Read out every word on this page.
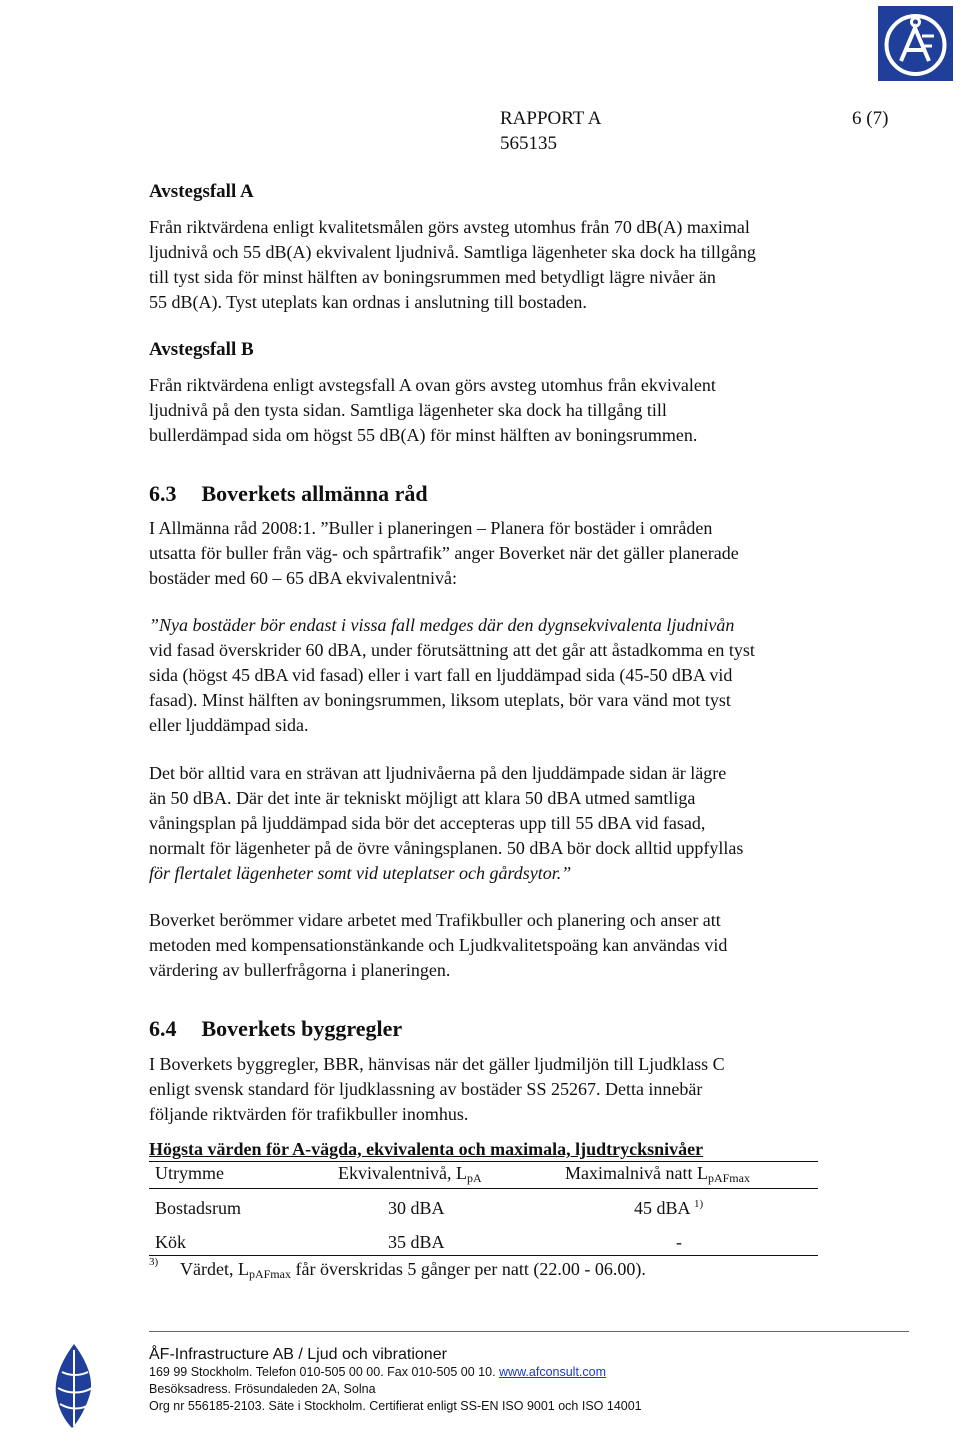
RAPPORT A
565135
6 (7)
Avstegsfall A
Från riktvärdena enligt kvalitetsmålen görs avsteg utomhus från 70 dB(A) maximal
ljudnivå och 55 dB(A) ekvivalent ljudnivå. Samtliga lägenheter ska dock ha tillgång
till tyst sida för minst hälften av boningsrummen med betydligt lägre nivåer än
55 dB(A). Tyst uteplats kan ordnas i anslutning till bostaden.
Avstegsfall B
Från riktvärdena enligt avstegsfall A ovan görs avsteg utomhus från ekvivalent
ljudnivå på den tysta sidan. Samtliga lägenheter ska dock ha tillgång till
bullerdämpad sida om högst 55 dB(A) för minst hälften av boningsrummen.
6.3 Boverkets allmänna råd
I Allmänna råd 2008:1. ”Buller i planeringen – Planera för bostäder i områden
utsatta för buller från väg- och spårtrafik” anger Boverket när det gäller planerade
bostäder med 60 – 65 dBA ekvivalentnivå:
”Nya bostäder bör endast i vissa fall medges där den dygnsekvivalenta ljudnivån
vid fasad överskrider 60 dBA, under förutsättning att det går att åstadkomma en tyst
sida (högst 45 dBA vid fasad) eller i vart fall en ljuddämpad sida (45-50 dBA vid
fasad). Minst hälften av boningsrummen, liksom uteplats, bör vara vänd mot tyst
eller ljuddämpad sida.
Det bör alltid vara en strävan att ljudnivåerna på den ljuddämpade sidan är lägre
än 50 dBA. Där det inte är tekniskt möjligt att klara 50 dBA utmed samtliga
våningsplan på ljuddämpad sida bör det accepteras upp till 55 dBA vid fasad,
normalt för lägenheter på de övre våningsplanen. 50 dBA bör dock alltid uppfyllas
för flertalet lägenheter somt vid uteplatser och gårdsytor.”
Boverket berömmer vidare arbetet med Trafikbuller och planering och anser att
metoden med kompensationstänkande och Ljudkvalitetspoäng kan användas vid
värdering av bullerfrågorna i planeringen.
6.4 Boverkets byggregler
I Boverkets byggregler, BBR, hänvisas när det gäller ljudmiljön till Ljudklass C
enligt svensk standard för ljudklassning av bostäder SS 25267. Detta innebär
följande riktvärden för trafikbuller inomhus.
Högsta värden för A-vägda, ekvivalenta och maximala, ljudtrycksnivåer
Utrymme	Ekvivalentnivå, $L_{pA}$	Maximalnivå natt $L_{pAFmax}$
Bostadsrum	30 dBA	45 dBA $^{1)}$
Kök	35 dBA	-
3) Värdet, $L_{pAFmax}$ får överskridas 5 gånger per natt (22.00 - 06.00).
ÅF-Infrastructure AB / Ljud och vibrationer
169 99 Stockholm. Telefon 010-505 00 00. Fax 010-505 00 10. www.afconsult.com
Besöksadress. Frösundaleden 2A, Solna
Org nr 556185-2103. Säte i Stockholm. Certifierat enligt SS-EN ISO 9001 och ISO 14001
